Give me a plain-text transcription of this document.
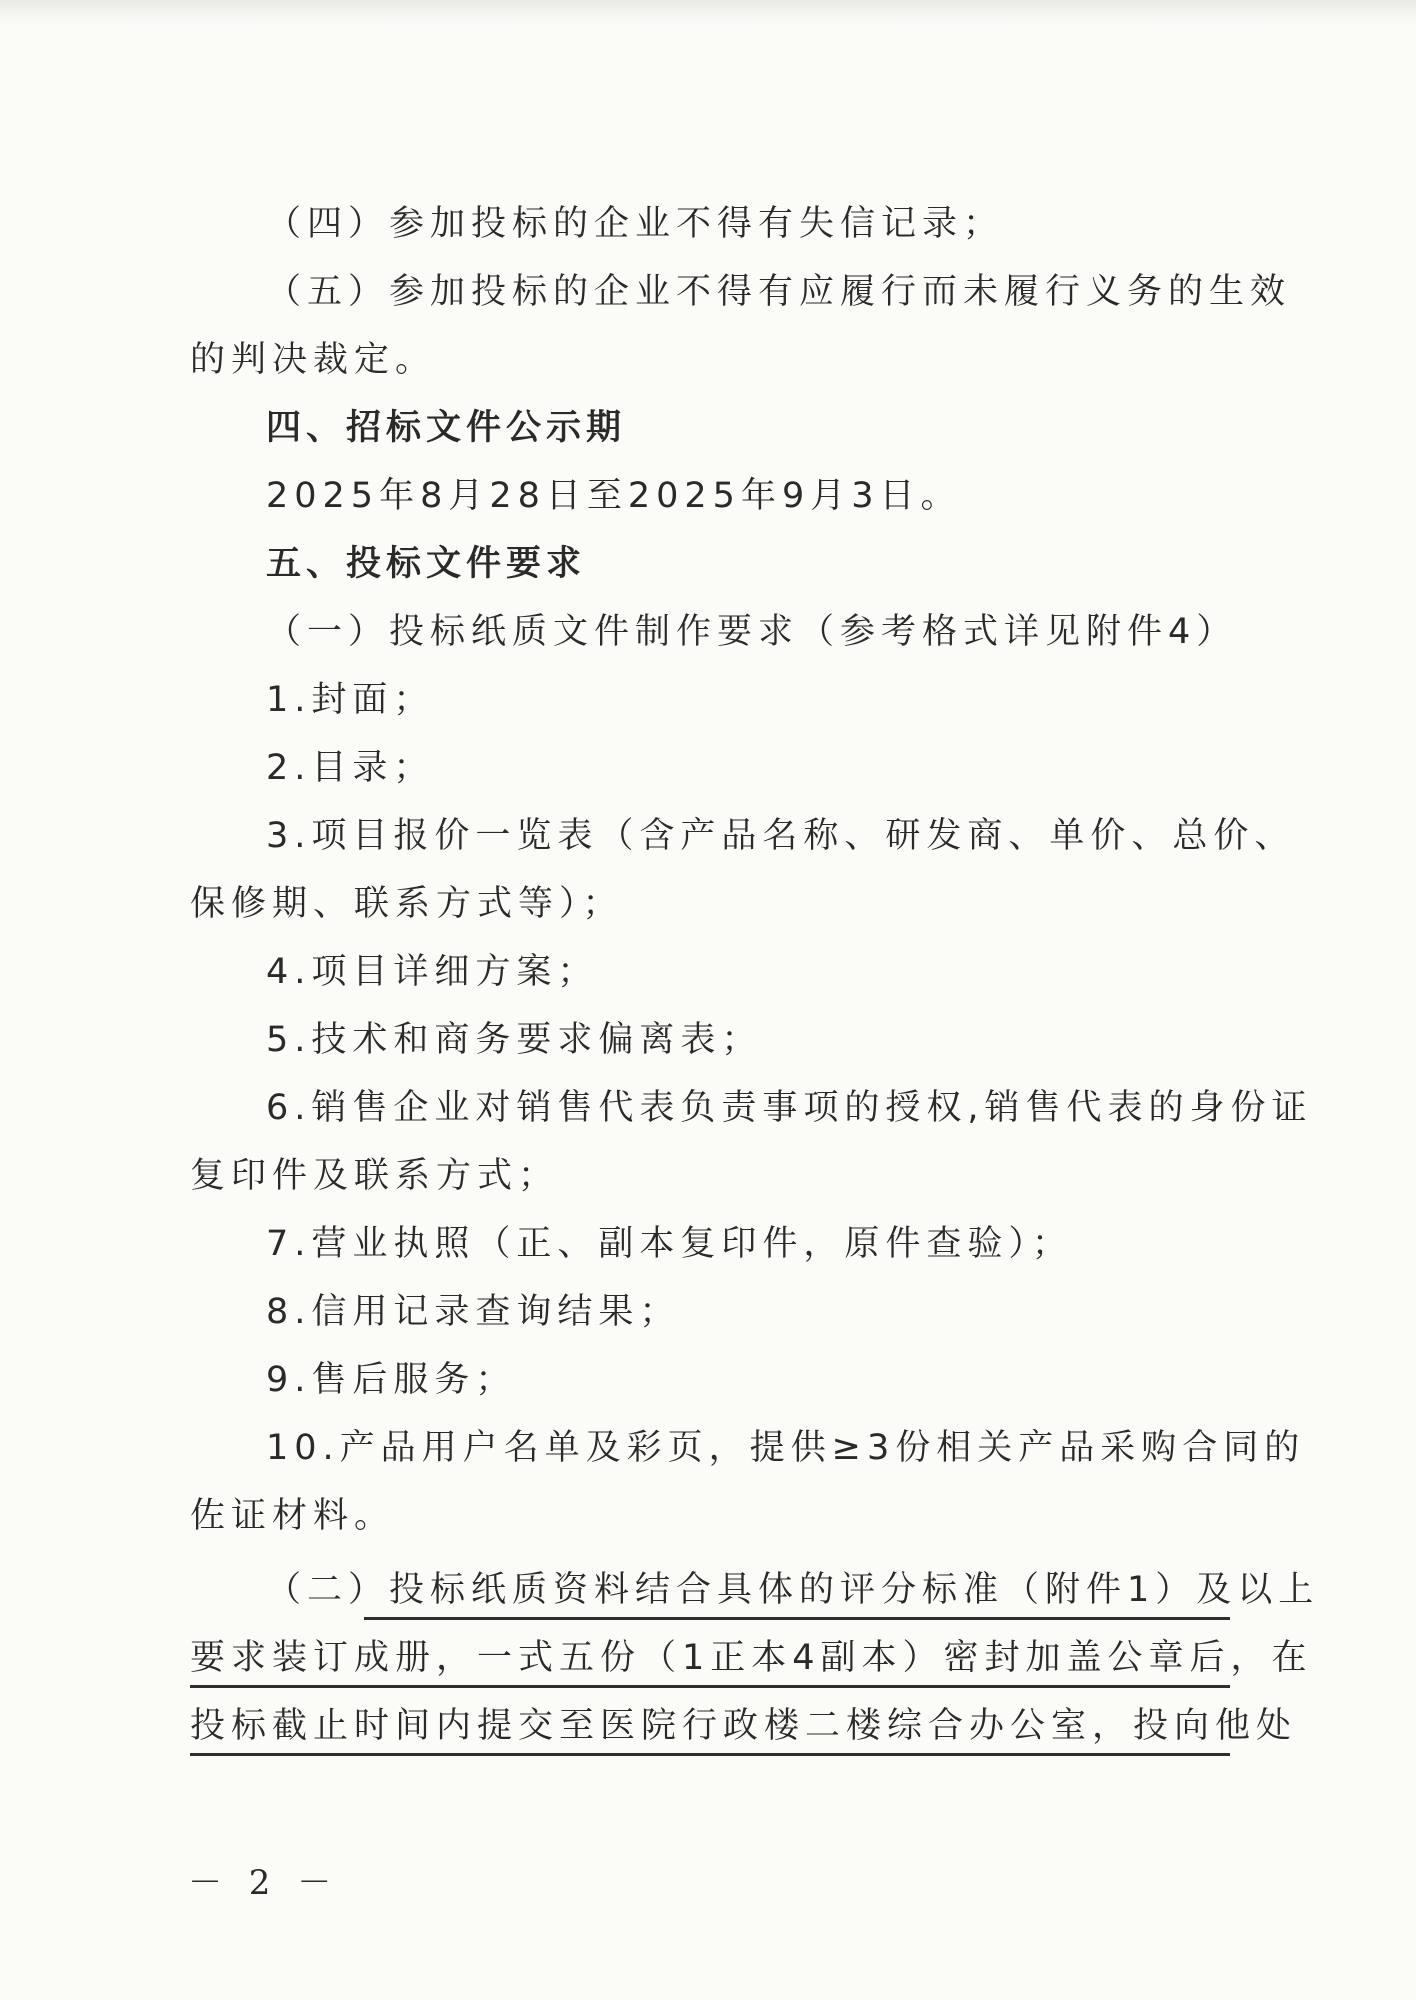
（四）参加投标的企业不得有失信记录；
（五）参加投标的企业不得有应履行而未履行义务的生效
的判决裁定。
四、招标文件公示期
2025年8月28日至2025年9月3日。
五、投标文件要求
（一）投标纸质文件制作要求（参考格式详见附件4）
1.封面；
2.目录；
3.项目报价一览表（含产品名称、研发商、单价、总价、
保修期、联系方式等）；
4.项目详细方案；
5.技术和商务要求偏离表；
6.销售企业对销售代表负责事项的授权,销售代表的身份证
复印件及联系方式；
7.营业执照（正、副本复印件，原件查验）；
8.信用记录查询结果；
9.售后服务；
10.产品用户名单及彩页，提供≥3份相关产品采购合同的
佐证材料。
（二）投标纸质资料结合具体的评分标准（附件1）及以上
要求装订成册，一式五份（1正本4副本）密封加盖公章后，在
投标截止时间内提交至医院行政楼二楼综合办公室，投向他处
－ 2 －
